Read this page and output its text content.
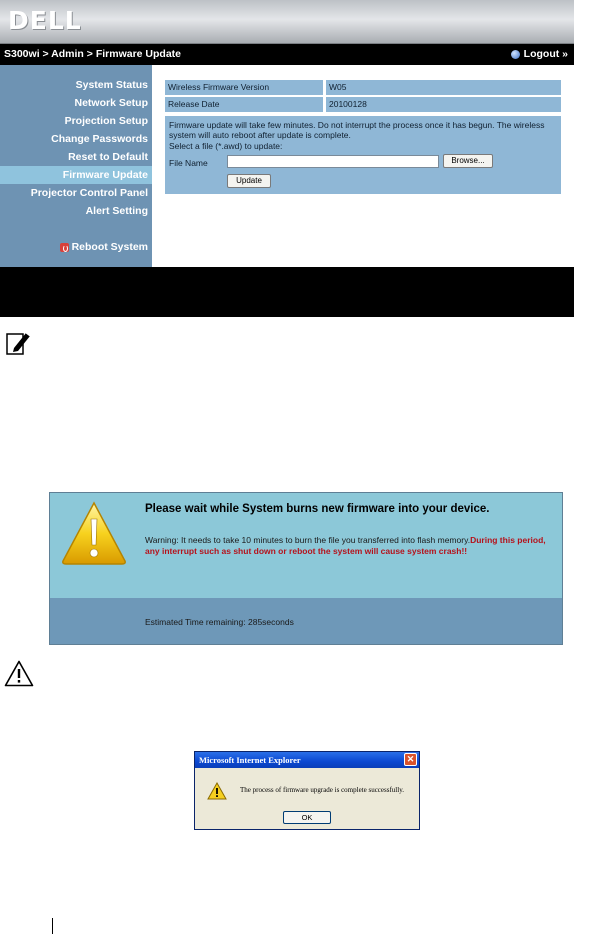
DELL
S300wi > Admin > Firmware Update	Logout »
System Status
Network Setup
Projection Setup
Change Passwords
Reset to Default
Firmware Update
Projector Control Panel
Alert Setting
Reboot System
Wireless Firmware Version	W05
Release Date	20100128
Firmware update will take few minutes. Do not interrupt the process once it has begun. The wireless system will auto reboot after update is complete.
Select a file (*.awd) to update:
File Name	Browse...
Update
Please wait while System burns new firmware into your device.
Warning: It needs to take 10 minutes to burn the file you transferred into flash memory.During this period, any interrupt such as shut down or reboot the system will cause system crash!!
Estimated Time remaining: 285seconds
Microsoft Internet Explorer	✕
The process of firmware upgrade is complete successfully.
OK
